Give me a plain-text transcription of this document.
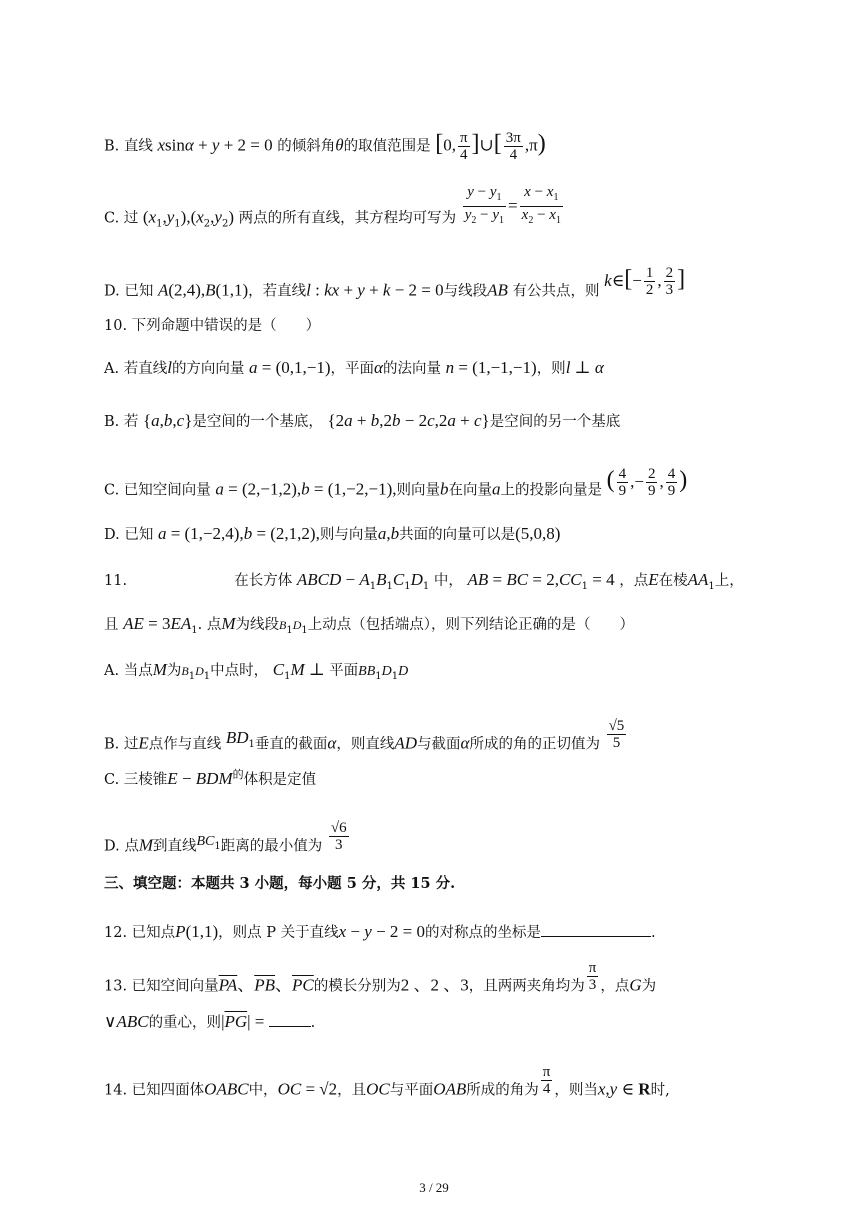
B. 直线 xsinα + y + 2 = 0 的倾斜角θ的取值范围是 [0, $\frac{\pi}{4}$ ]∪[ $\frac{3\pi}{4} ,\pi$)
C. 过 $(x_1,y_1),(x_2,y_2)$ 两点的所有直线，其方程均可写为 $\frac{y - y_1}{y_2 - y_1} = \frac{x - x_1}{x_2 - x_1}$
D. 已知 A(2,4),B(1,1)，若直线l : kx + y + k − 2 = 0与线段AB 有公共点，则 k∈[− $\frac{1}{2}$ , $\frac{2}{3}$ ]
10. 下列命题中错误的是（　　）
A. 若直线l的方向向量 a = (0,1,−1)，平面α的法向量 n = (1,−1,−1)，则l ⊥ α
B. 若 {a,b,c}是空间的一个基底， {2a + b,2b − 2c,2a + c}是空间的另一个基底
C. 已知空间向量 a = (2,−1,2),b = (1,−2,−1),则向量b在向量a上的投影向量是 ( $\frac{4}{9}$ ,− $\frac{2}{9}$ , $\frac{4}{9}$ )
D. 已知 a = (1,−2,4),b = (2,1,2),则与向量a,b共面的向量可以是(5,0,8)
11.	在长方体 ABCD − $A_1B_1C_1D_1$ 中， AB = BC = $2,CC_1 = 4$ ，点E在棱$AA_1$上，
且 AE = $3EA_1$. 点M为线段$B_1D_1$上动点（包括端点），则下列结论正确的是（　　）
A. 当点M为$B_1D_1$中点时， $C_1M$ ⊥ 平面$BB_1D_1D$
B. 过E点作与直线 $BD_1$垂直的截面α，则直线AD与截面α所成的角的正切值为 $\frac{√5}{5}$
C. 三棱锥$E - BDM^的$体积是定值
D. 点M到直线$BC_1$距离的最小值为 $\frac{√6}{3}$
三、填空题：本题共 3 小题，每小题 5 分，共 15 分.
12. 已知点P(1,1)，则点 P 关于直线x − y − 2 = 0的对称点的坐标是	.
13. 已知空间向量$\overline{PA}$、$\overline{PB}$、$\overline{PC}$的模长分别为2 、2 、3，且两两夹角均为 $\frac{\pi}{3}$ ，点G为
∨ABC的重心，则$|\overline{PG}|$ =	.
14. 已知四面体OABC中，OC = √2，且OC与平面OAB所成的角为 $\frac{\pi}{4}$ ，则当x,y ∈ R时,
3 / 29
